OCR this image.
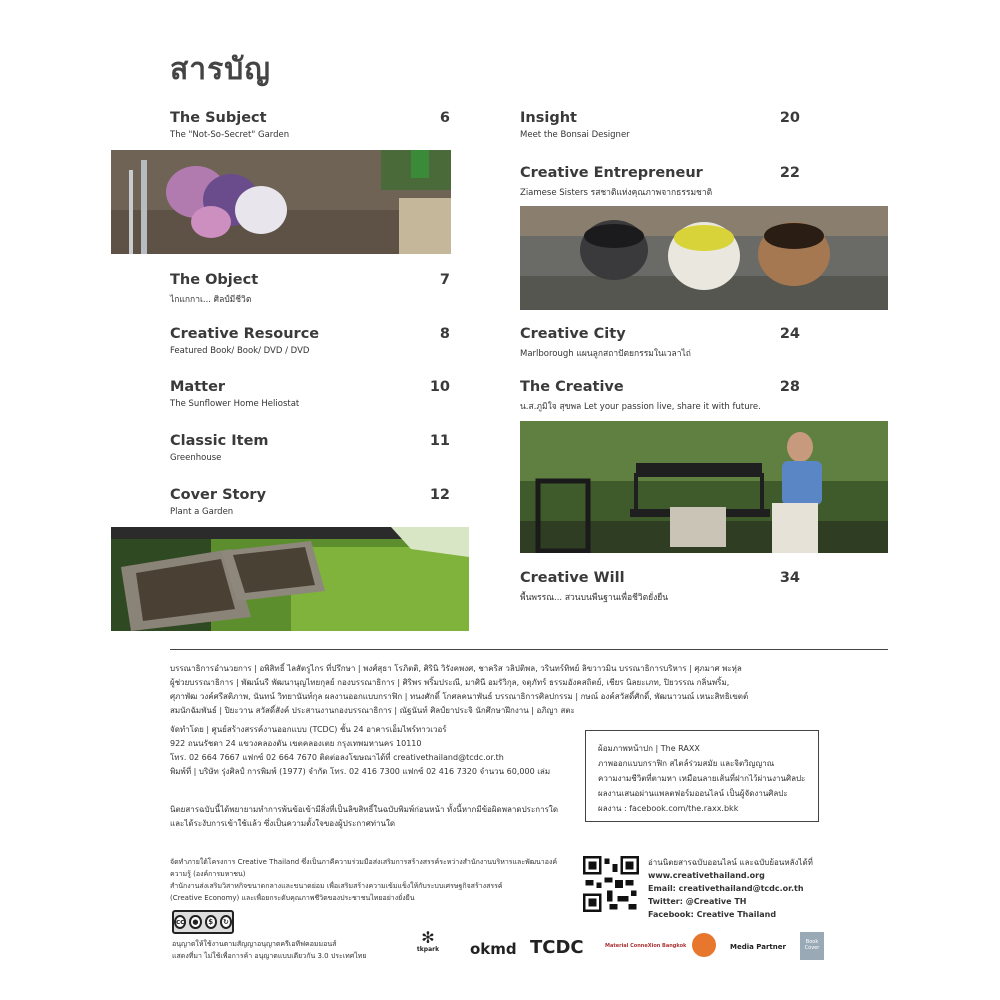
สารบัญ
The Subject	6
The "Not-So-Secret" Garden
The Object	7
ไกแกกาเ... ศิลป์มีชีวิต
Creative Resource	8
Featured Book/ Book/ DVD / DVD
Matter	10
The Sunflower Home Heliostat
Classic Item	11
Greenhouse
Cover Story	12
Plant a Garden
Insight	20
Meet the Bonsai Designer
Creative Entrepreneur	22
Ziamese Sisters รสชาติแห่งคุณภาพจากธรรมชาติ
Creative City	24
Marlborough แผนลูกสถาปัตยกรรมในเวลาไถ่
The Creative	28
น.ส.ภูมิใจ สุขพล Let your passion live, share it with future.
Creative Will	34
พื้นพรรณ... สวนบนพืนฐานเพื่อชีวิตยั่งยืน
บรรณาธิการอำนวยการ | อพิสิทธิ์ ไลสัตรูไกร ที่ปรึกษา | พงศ์สุธา โรภิตติ, ศิรินิ วิรังคพงศ, ชาคริส วลิปติพล, วรินทร์ทิพย์ ลิขวาวมิน บรรณาธิการบริหาร | ศุภมาศ พะหุ่ล
ผู้ช่วยบรรณาธิการ | พัฒน์นรี พัฒนานุญไทยกุลย์ กองบรรณาธิการ | ศิริพร พริ้มประณี, มาศินี อมรัวิกุล, จตุภัทร์ ธรรมอังคสถิตย์, เชียร นิลยะเภท, ปิยวรรณ กลิ่นพริ้ม,
ศุภาพัฒ วงค์ศรีสติภาพ, นันทน์ วิทยานันท์กุล ผลงานออกแบบกราฟิก | ทนงศักดิ์ โกศลคนาพันธ์ บรรณาธิการศิลปกรรม | กษณ์ องค์สวัสดิ์ศักดิ์, พัฒนาวนณ์ เหนะสิทธิเขตต์
สมนักฉัมพันธ์ | ปิยะวาน สวัสดิ์สังค์ ประสานงานกองบรรณาธิการ | ณัฐนันท์ ศิลป์ยาประจิ นักศึกษาฝึกงาน | อภิญา สตะ
จัดทำโดย | ศูนย์สร้างสรรค์งานออกแบบ (TCDC) ชั้น 24 อาคารเอ็มไพร์ทาวเวอร์
922 ถนนรัชดา 24 แขวงคลองตัน เขตคลองเตย กรุงเทพมหานคร 10110
โทร. 02 664 7667 แฟกซ์ 02 664 7670 ติดต่อลงโฆษณาได้ที่ creativethailand@tcdc.or.th
พิมพ์ที่ | บริษัท รุ่งศิลป์ การพิมพ์ (1977) จำกัด โทร. 02 416 7300 แฟกซ์ 02 416 7320 จำนวน 60,000 เล่ม
ผ้อมภาพหน้าปก | The RAXX
ภาพออกแบบกราฟิก สไตล์ร่วมสมัย และจิตวิญญาณ
ความงามชีวิตที่ตามหา เหมือนลายเส้นที่ฝากไว้ผ่านงานศิลปะ
ผลงานเสนอผ่านแพลตฟอร์มออนไลน์ เป็นผู้จัดงานศิลปะ
ผลงาน : facebook.com/the.raxx.bkk
นิตยสารฉบับนี้ได้พยายามทำการพ้นข้อเข้ามีสิ่งที่เป็นลิขสิทธิ์ในฉบับพิมพ์ก่อนหน้า ทั้งนี้หากมีข้อผิดพลาดประการใด
และได้ระงับการเข้าใช้แล้ว ซึ่งเป็นความตั้งใจของผู้ประกาศท่านใด
จัดทำภายใต้โครงการ Creative Thailand ซึ่งเป็นภาคีความร่วมมือส่งเสริมการสร้างสรรค์ระหว่างสำนักงานบริหารและพัฒนาองค์ความรู้ (องค์การมหาชน)
สำนักงานส่งเสริมวิสาหกิจขนาดกลางและขนาดย่อม เพื่อเสริมสร้างความเข้มแข็งให้กับระบบเศรษฐกิจสร้างสรรค์
(Creative Economy) และเพื่อยกระดับคุณภาพชีวิตของประชาชนไทยอย่างยั่งยืน
อ่านนิตยสารฉบับออนไลน์ และฉบับย้อนหลังได้ที่
www.creativethailand.org
Email: creativethailand@tcdc.or.th
Twitter: @Creative TH
Facebook: Creative Thailand
cc	●	$	↻
อนุญาตให้ใช้งานตามสัญญาอนุญาตครีเอทีฟคอมมอนส์
แสดงที่มา ไม่ใช้เพื่อการค้า อนุญาตแบบเดียวกัน 3.0 ประเทศไทย
✻
tkpark	okmd TCDC	Material ConneXion Bangkok	Media Partner
Book Cover
